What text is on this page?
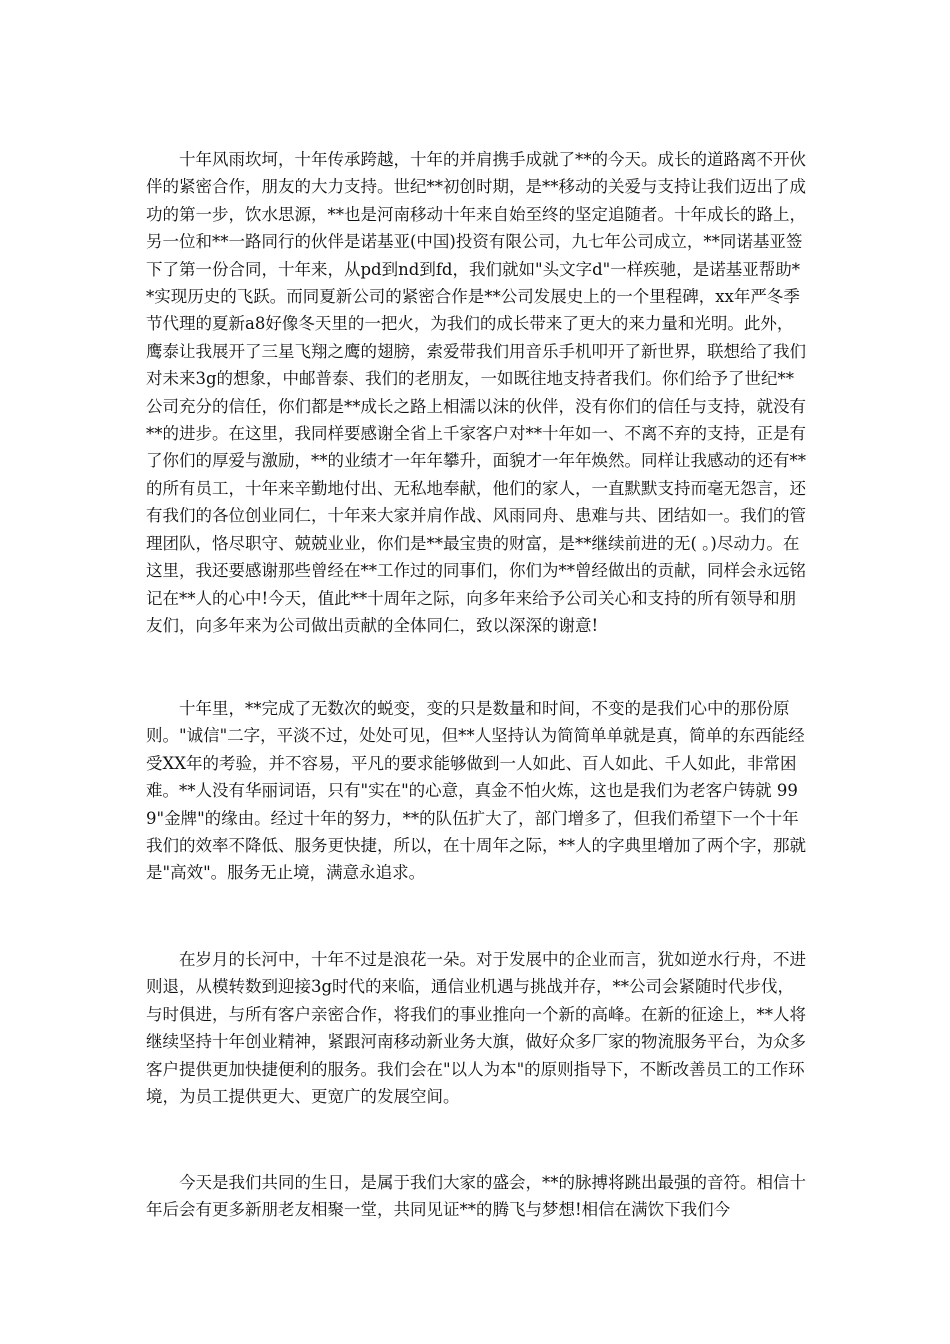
十年风雨坎坷，十年传承跨越，十年的并肩携手成就了**的今天。成长的道路离不开伙伴的紧密合作，朋友的大力支持。世纪**初创时期，是**移动的关爱与支持让我们迈出了成功的第一步，饮水思源，**也是河南移动十年来自始至终的坚定追随者。十年成长的路上，另一位和**一路同行的伙伴是诺基亚(中国)投资有限公司，九七年公司成立，**同诺基亚签下了第一份合同，十年来，从pd到nd到fd，我们就如"头文字d"一样疾驰，是诺基亚帮助**实现历史的飞跃。而同夏新公司的紧密合作是**公司发展史上的一个里程碑，xx年严冬季节代理的夏新a8好像冬天里的一把火，为我们的成长带来了更大的来力量和光明。此外，鹰泰让我展开了三星飞翔之鹰的翅膀，索爱带我们用音乐手机叩开了新世界，联想给了我们对未来3g的想象，中邮普泰、我们的老朋友，一如既往地支持者我们。你们给予了世纪**公司充分的信任，你们都是**成长之路上相濡以沫的伙伴，没有你们的信任与支持，就没有**的进步。在这里，我同样要感谢全省上千家客户对**十年如一、不离不弃的支持，正是有了你们的厚爱与激励，**的业绩才一年年攀升，面貌才一年年焕然。同样让我感动的还有**的所有员工，十年来辛勤地付出、无私地奉献，他们的家人，一直默默支持而毫无怨言，还有我们的各位创业同仁，十年来大家并肩作战、风雨同舟、患难与共、团结如一。我们的管理团队，恪尽职守、兢兢业业，你们是**最宝贵的财富，是**继续前进的无( 。)尽动力。在这里，我还要感谢那些曾经在**工作过的同事们，你们为**曾经做出的贡献，同样会永远铭记在**人的心中!今天，值此**十周年之际，向多年来给予公司关心和支持的所有领导和朋友们，向多年来为公司做出贡献的全体同仁，致以深深的谢意!

十年里，**完成了无数次的蜕变，变的只是数量和时间，不变的是我们心中的那份原则。"诚信"二字，平淡不过，处处可见，但**人坚持认为简简单单就是真，简单的东西能经受XX年的考验，并不容易，平凡的要求能够做到一人如此、百人如此、千人如此，非常困难。**人没有华丽词语，只有"实在"的心意，真金不怕火炼，这也是我们为老客户铸就 999"金牌"的缘由。经过十年的努力，**的队伍扩大了，部门增多了，但我们希望下一个十年我们的效率不降低、服务更快捷，所以，在十周年之际，**人的字典里增加了两个字，那就是"高效"。服务无止境，满意永追求。

在岁月的长河中，十年不过是浪花一朵。对于发展中的企业而言，犹如逆水行舟，不进则退，从模转数到迎接3g时代的来临，通信业机遇与挑战并存，**公司会紧随时代步伐，与时俱进，与所有客户亲密合作，将我们的事业推向一个新的高峰。在新的征途上，**人将继续坚持十年创业精神，紧跟河南移动新业务大旗，做好众多厂家的物流服务平台，为众多客户提供更加快捷便利的服务。我们会在"以人为本"的原则指导下，不断改善员工的工作环境，为员工提供更大、更宽广的发展空间。

今天是我们共同的生日，是属于我们大家的盛会，**的脉搏将跳出最强的音符。相信十年后会有更多新朋老友相聚一堂，共同见证**的腾飞与梦想!相信在满饮下我们今
